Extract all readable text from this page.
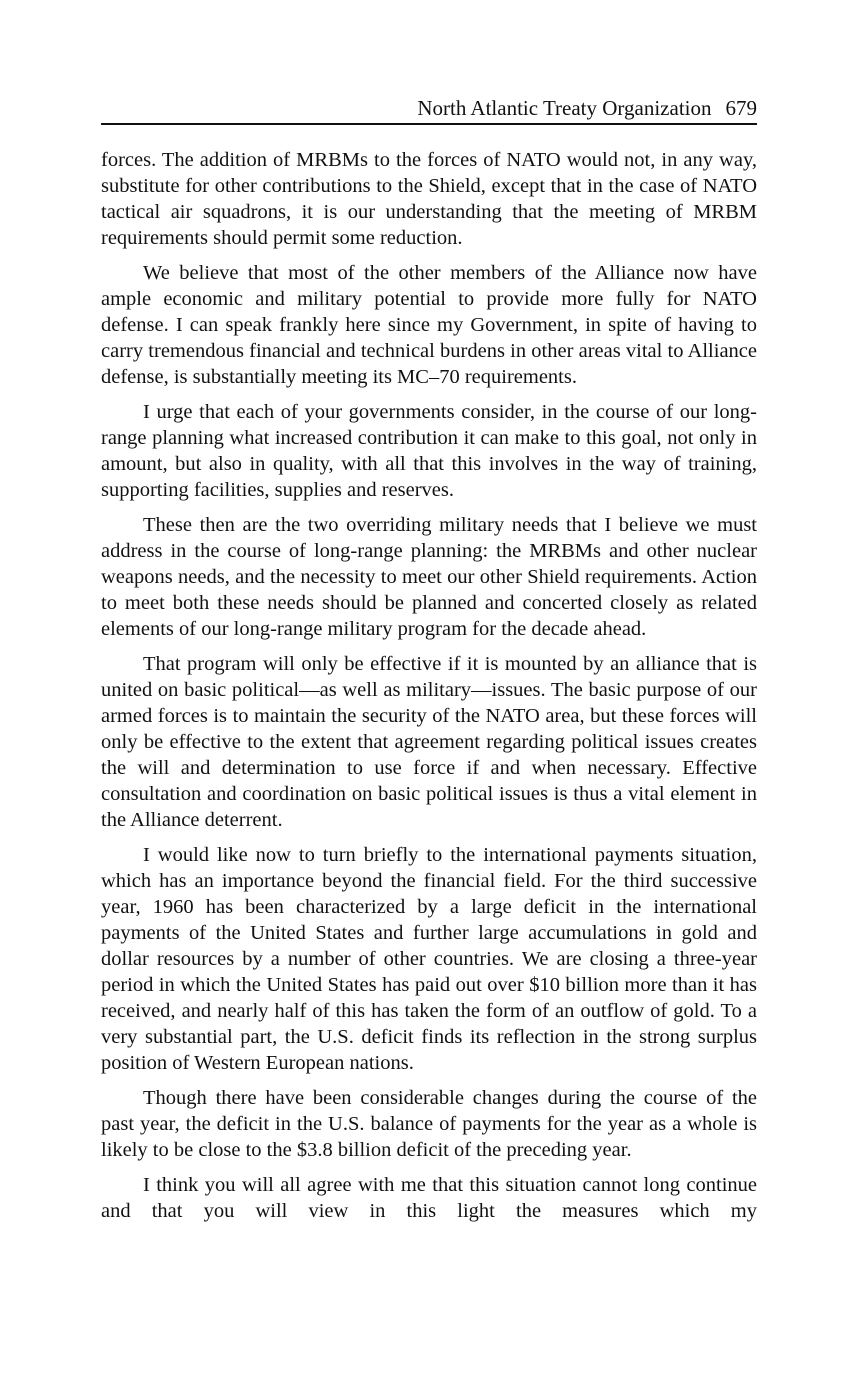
North Atlantic Treaty Organization 679

forces. The addition of MRBMs to the forces of NATO would not, in any way, substitute for other contributions to the Shield, except that in the case of NATO tactical air squadrons, it is our understanding that the meeting of MRBM requirements should permit some reduction.

We believe that most of the other members of the Alliance now have ample economic and military potential to provide more fully for NATO defense. I can speak frankly here since my Government, in spite of having to carry tremendous financial and technical burdens in other areas vital to Alliance defense, is substantially meeting its MC–70 requirements.

I urge that each of your governments consider, in the course of our long-range planning what increased contribution it can make to this goal, not only in amount, but also in quality, with all that this involves in the way of training, supporting facilities, supplies and reserves.

These then are the two overriding military needs that I believe we must address in the course of long-range planning: the MRBMs and other nuclear weapons needs, and the necessity to meet our other Shield requirements. Action to meet both these needs should be planned and concerted closely as related elements of our long-range military program for the decade ahead.

That program will only be effective if it is mounted by an alliance that is united on basic political—as well as military—issues. The basic purpose of our armed forces is to maintain the security of the NATO area, but these forces will only be effective to the extent that agreement regarding political issues creates the will and determination to use force if and when necessary. Effective consultation and coordination on basic political issues is thus a vital element in the Alliance deterrent.

I would like now to turn briefly to the international payments situation, which has an importance beyond the financial field. For the third successive year, 1960 has been characterized by a large deficit in the international payments of the United States and further large accumulations in gold and dollar resources by a number of other countries. We are closing a three-year period in which the United States has paid out over $10 billion more than it has received, and nearly half of this has taken the form of an outflow of gold. To a very substantial part, the U.S. deficit finds its reflection in the strong surplus position of Western European nations.

Though there have been considerable changes during the course of the past year, the deficit in the U.S. balance of payments for the year as a whole is likely to be close to the $3.8 billion deficit of the preceding year.

I think you will all agree with me that this situation cannot long continue and that you will view in this light the measures which my
